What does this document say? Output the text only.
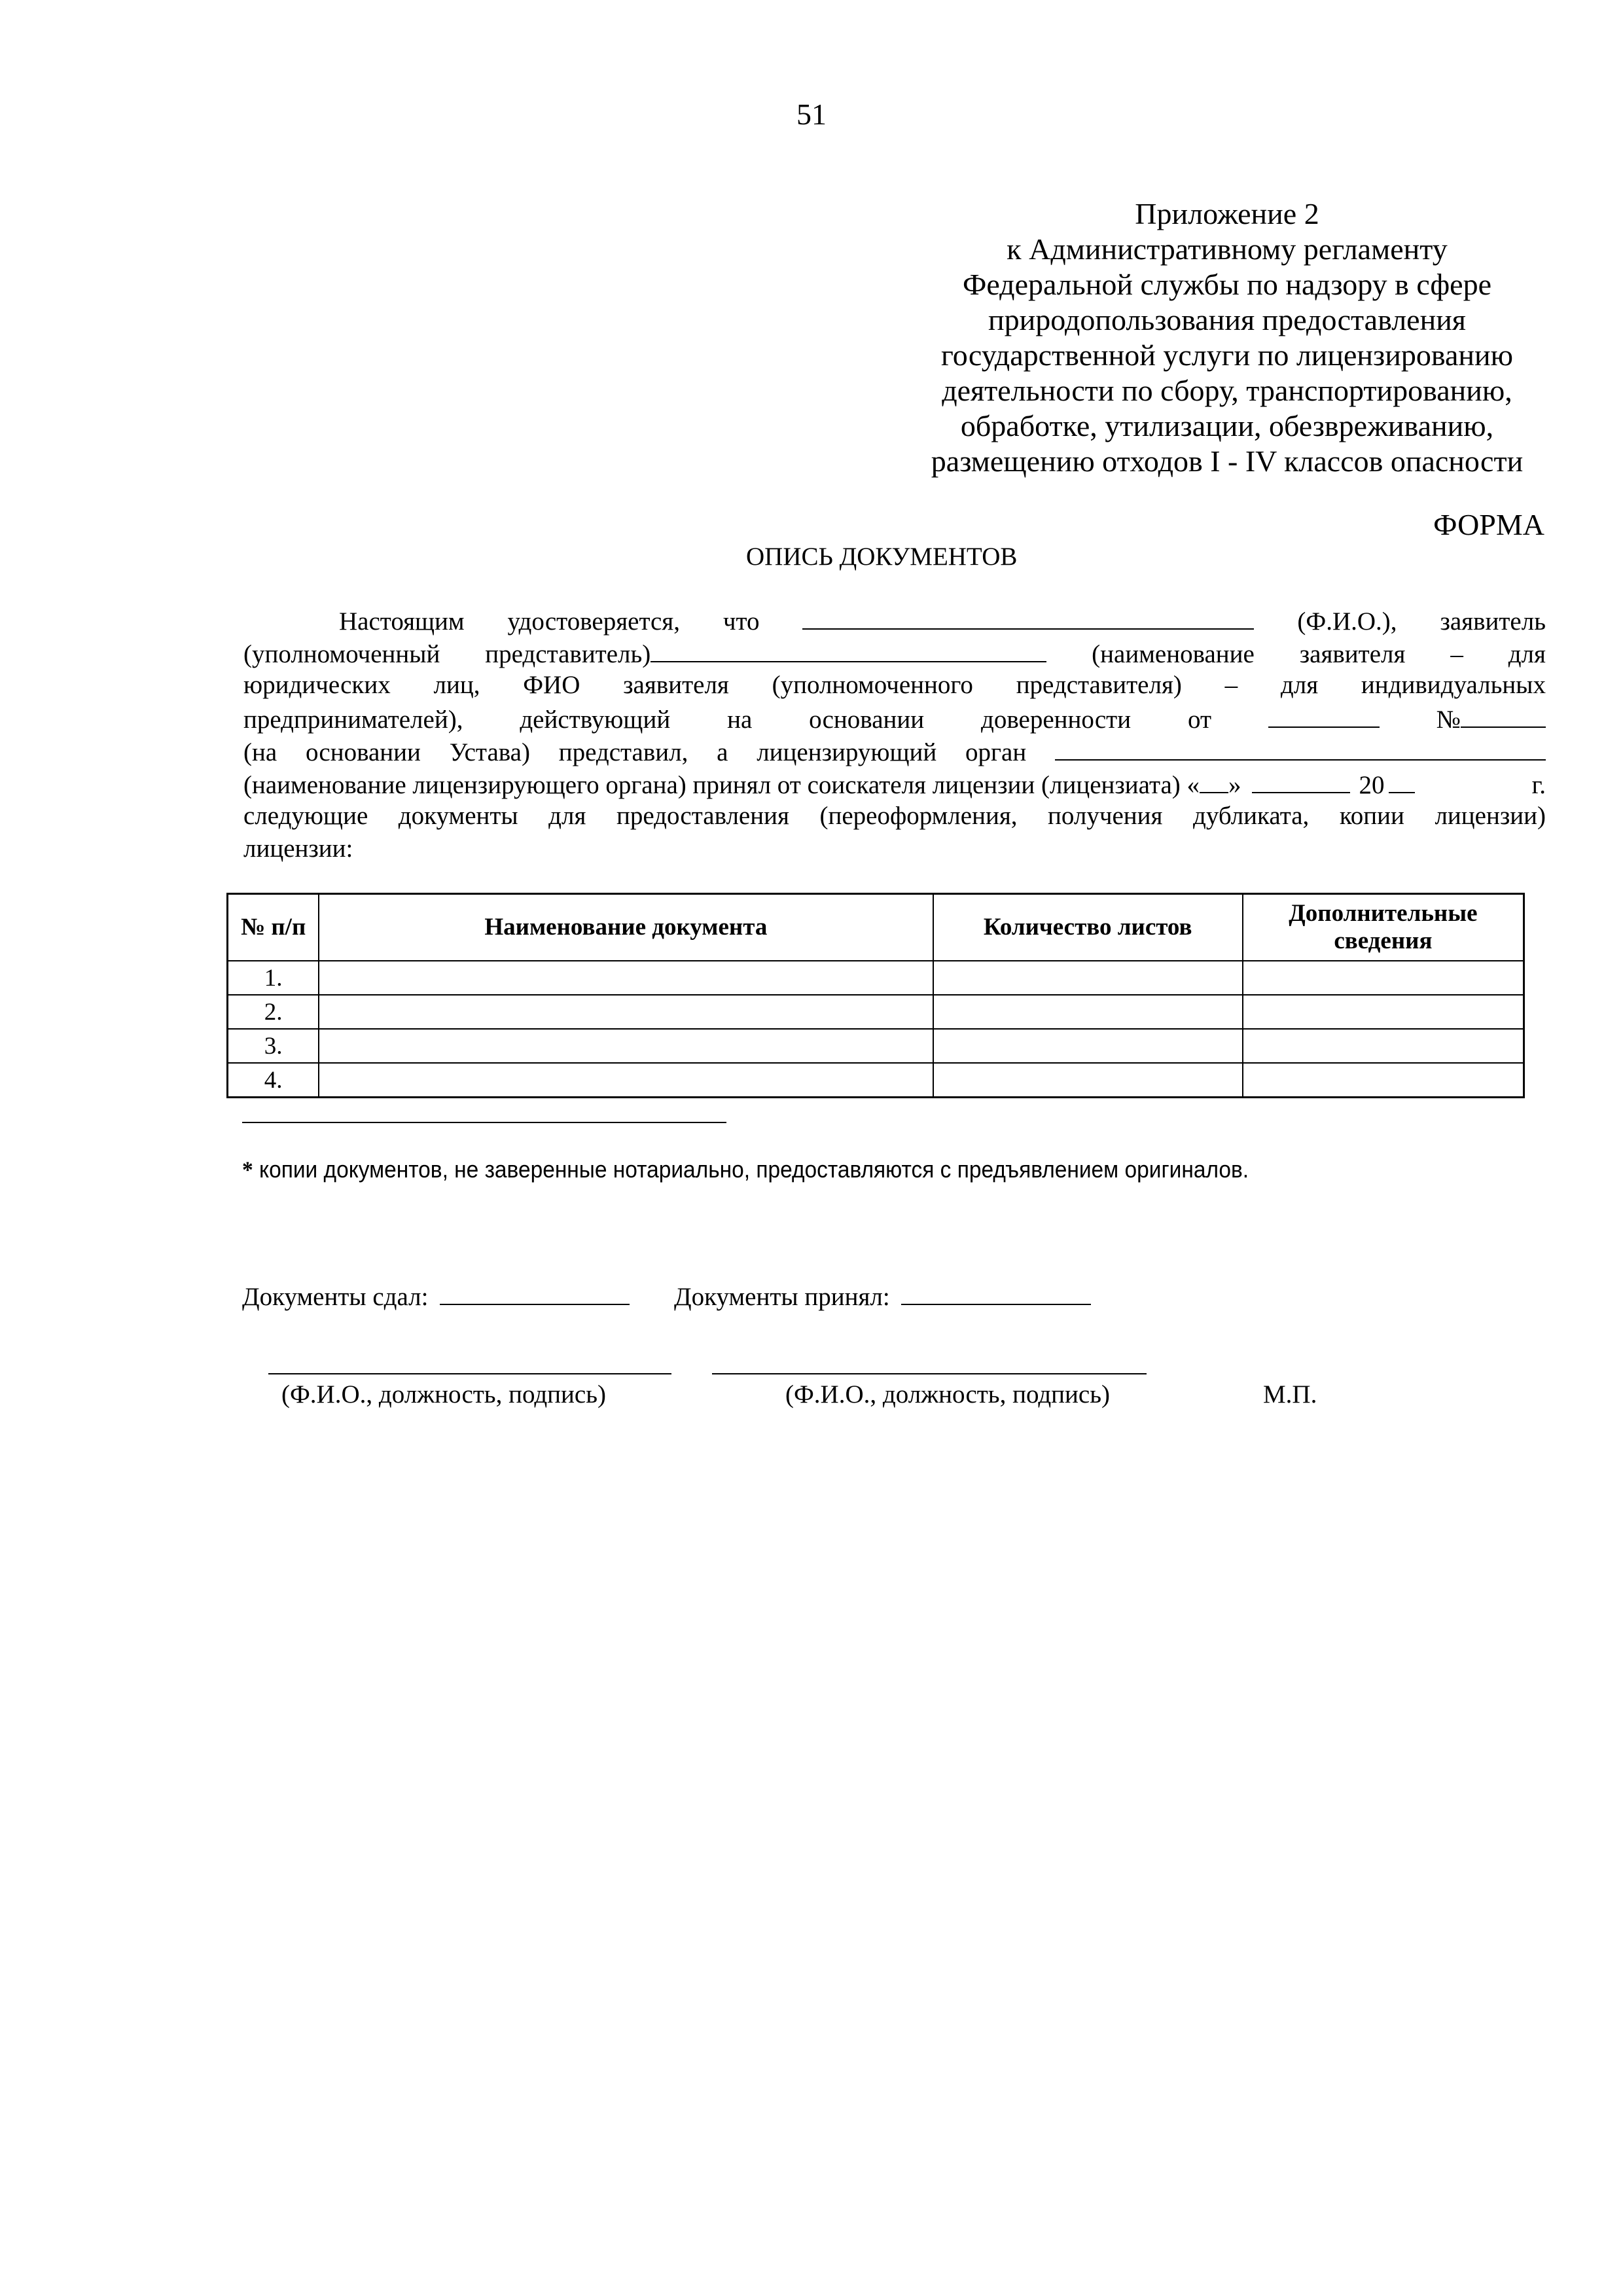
51
Приложение 2
к Административному регламенту
Федеральной службы по надзору в сфере
природопользования предоставления
государственной услуги по лицензированию
деятельности по сбору, транспортированию,
обработке, утилизации, обезвреживанию,
размещению отходов I - IV классов опасности
ФОРМА
ОПИСЬ ДОКУМЕНТОВ
Настоящим удостоверяется, что	(Ф.И.О.), заявитель
(уполномоченный представитель)	(наименование заявителя – для
юридических лиц, ФИО заявителя (уполномоченного представителя) – для индивидуальных
предпринимателей), действующий на основании доверенности от	№
(на основании Устава) представил, а лицензирующий орган
(наименование лицензирующего органа) принял от соискателя лицензии (лицензиата) « »	20	г.
следующие документы для предоставления (переоформления, получения дубликата, копии лицензии)
лицензии:
№ п/п	Наименование документа	Количество листов	Дополнительные сведения
1.			
2.			
3.			
4.			
* копии документов, не заверенные нотариально, предоставляются с предъявлением оригиналов.
Документы сдал:	Документы принял:
(Ф.И.О., должность, подпись)	(Ф.И.О., должность, подпись)	М.П.
